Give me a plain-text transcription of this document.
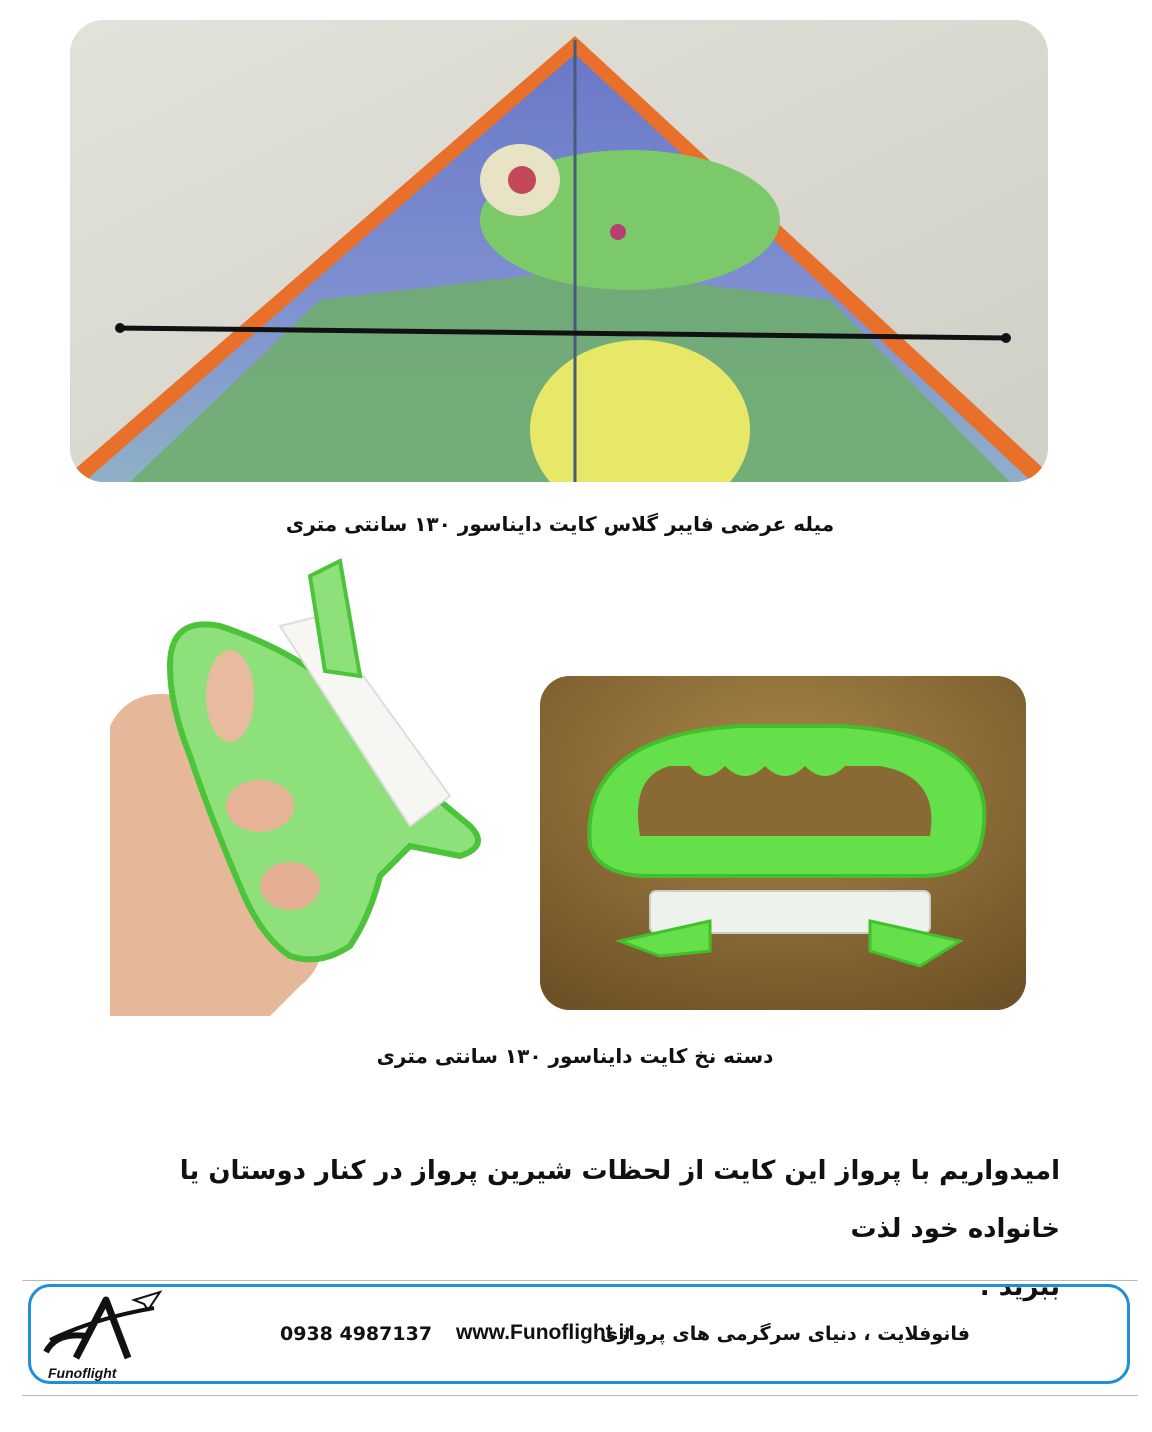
میله عرضی فایبر گلاس کایت دایناسور ۱۳۰ سانتی متری
دسته نخ کایت دایناسور ۱۳۰ سانتی متری
امیدواریم با پرواز این کایت از لحظات شیرین پرواز در کنار دوستان یا خانواده خود لذت
ببرید .
Funoflight
0938 4987137 www.Funoflight.ir
فانوفلایت ، دنیای سرگرمی های پروازی
